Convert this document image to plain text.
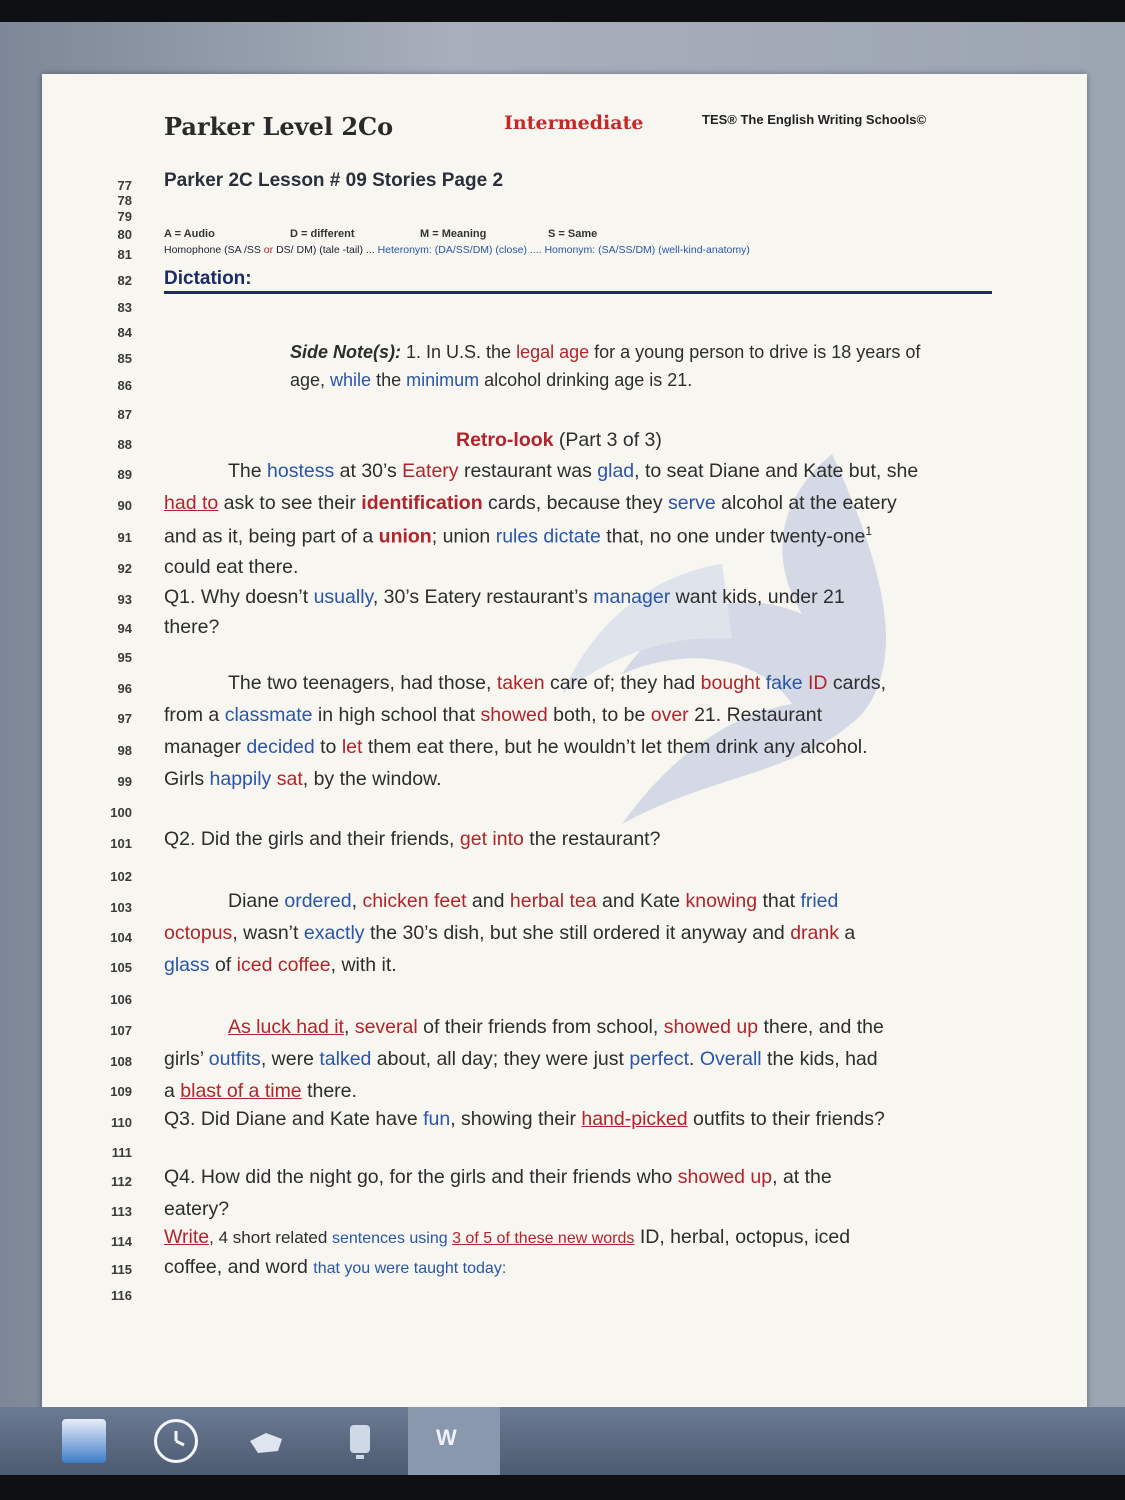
Parker Level 2Co	Intermediate	TES® The English Writing Schools©
Parker 2C Lesson # 09 Stories Page 2
A = Audio	D = different	M = Meaning	S = Same
Homophone (SA /SS or DS/ DM) (tale -tail) ... Heteronym: (DA/SS/DM) (close) .... Homonym: (SA/SS/DM) (well-kind-anatomy)
Dictation:
77
78
79
80
81
82
83
84
85
86
87
88
89
90
91
92
93
94
95
96
97
98
99
100
101
102
103
104
105
106
107
108
109
110
111
112
113
114
115
116
Side Note(s): 1. In U.S. the legal age for a young person to drive is 18 years of
age, while the minimum alcohol drinking age is 21.
Retro-look (Part 3 of 3)
The hostess at 30’s Eatery restaurant was glad, to seat Diane and Kate but, she
had to ask to see their identification cards, because they serve alcohol at the eatery
and as it, being part of a union; union rules dictate that, no one under twenty-one$^1$
could eat there.
Q1. Why doesn’t usually, 30’s Eatery restaurant’s manager want kids, under 21
there?
The two teenagers, had those, taken care of; they had bought fake ID cards,
from a classmate in high school that showed both, to be over 21. Restaurant
manager decided to let them eat there, but he wouldn’t let them drink any alcohol.
Girls happily sat, by the window.
Q2. Did the girls and their friends, get into the restaurant?
Diane ordered, chicken feet and herbal tea and Kate knowing that fried
octopus, wasn’t exactly the 30’s dish, but she still ordered it anyway and drank a
glass of iced coffee, with it.
As luck had it, several of their friends from school, showed up there, and the
girls’ outfits, were talked about, all day; they were just perfect. Overall the kids, had
a blast of a time there.
Q3. Did Diane and Kate have fun, showing their hand-picked outfits to their friends?
Q4. How did the night go, for the girls and their friends who showed up, at the
eatery?
Write, 4 short related sentences using 3 of 5 of these new words ID, herbal, octopus, iced
coffee, and word that you were taught today:
W
